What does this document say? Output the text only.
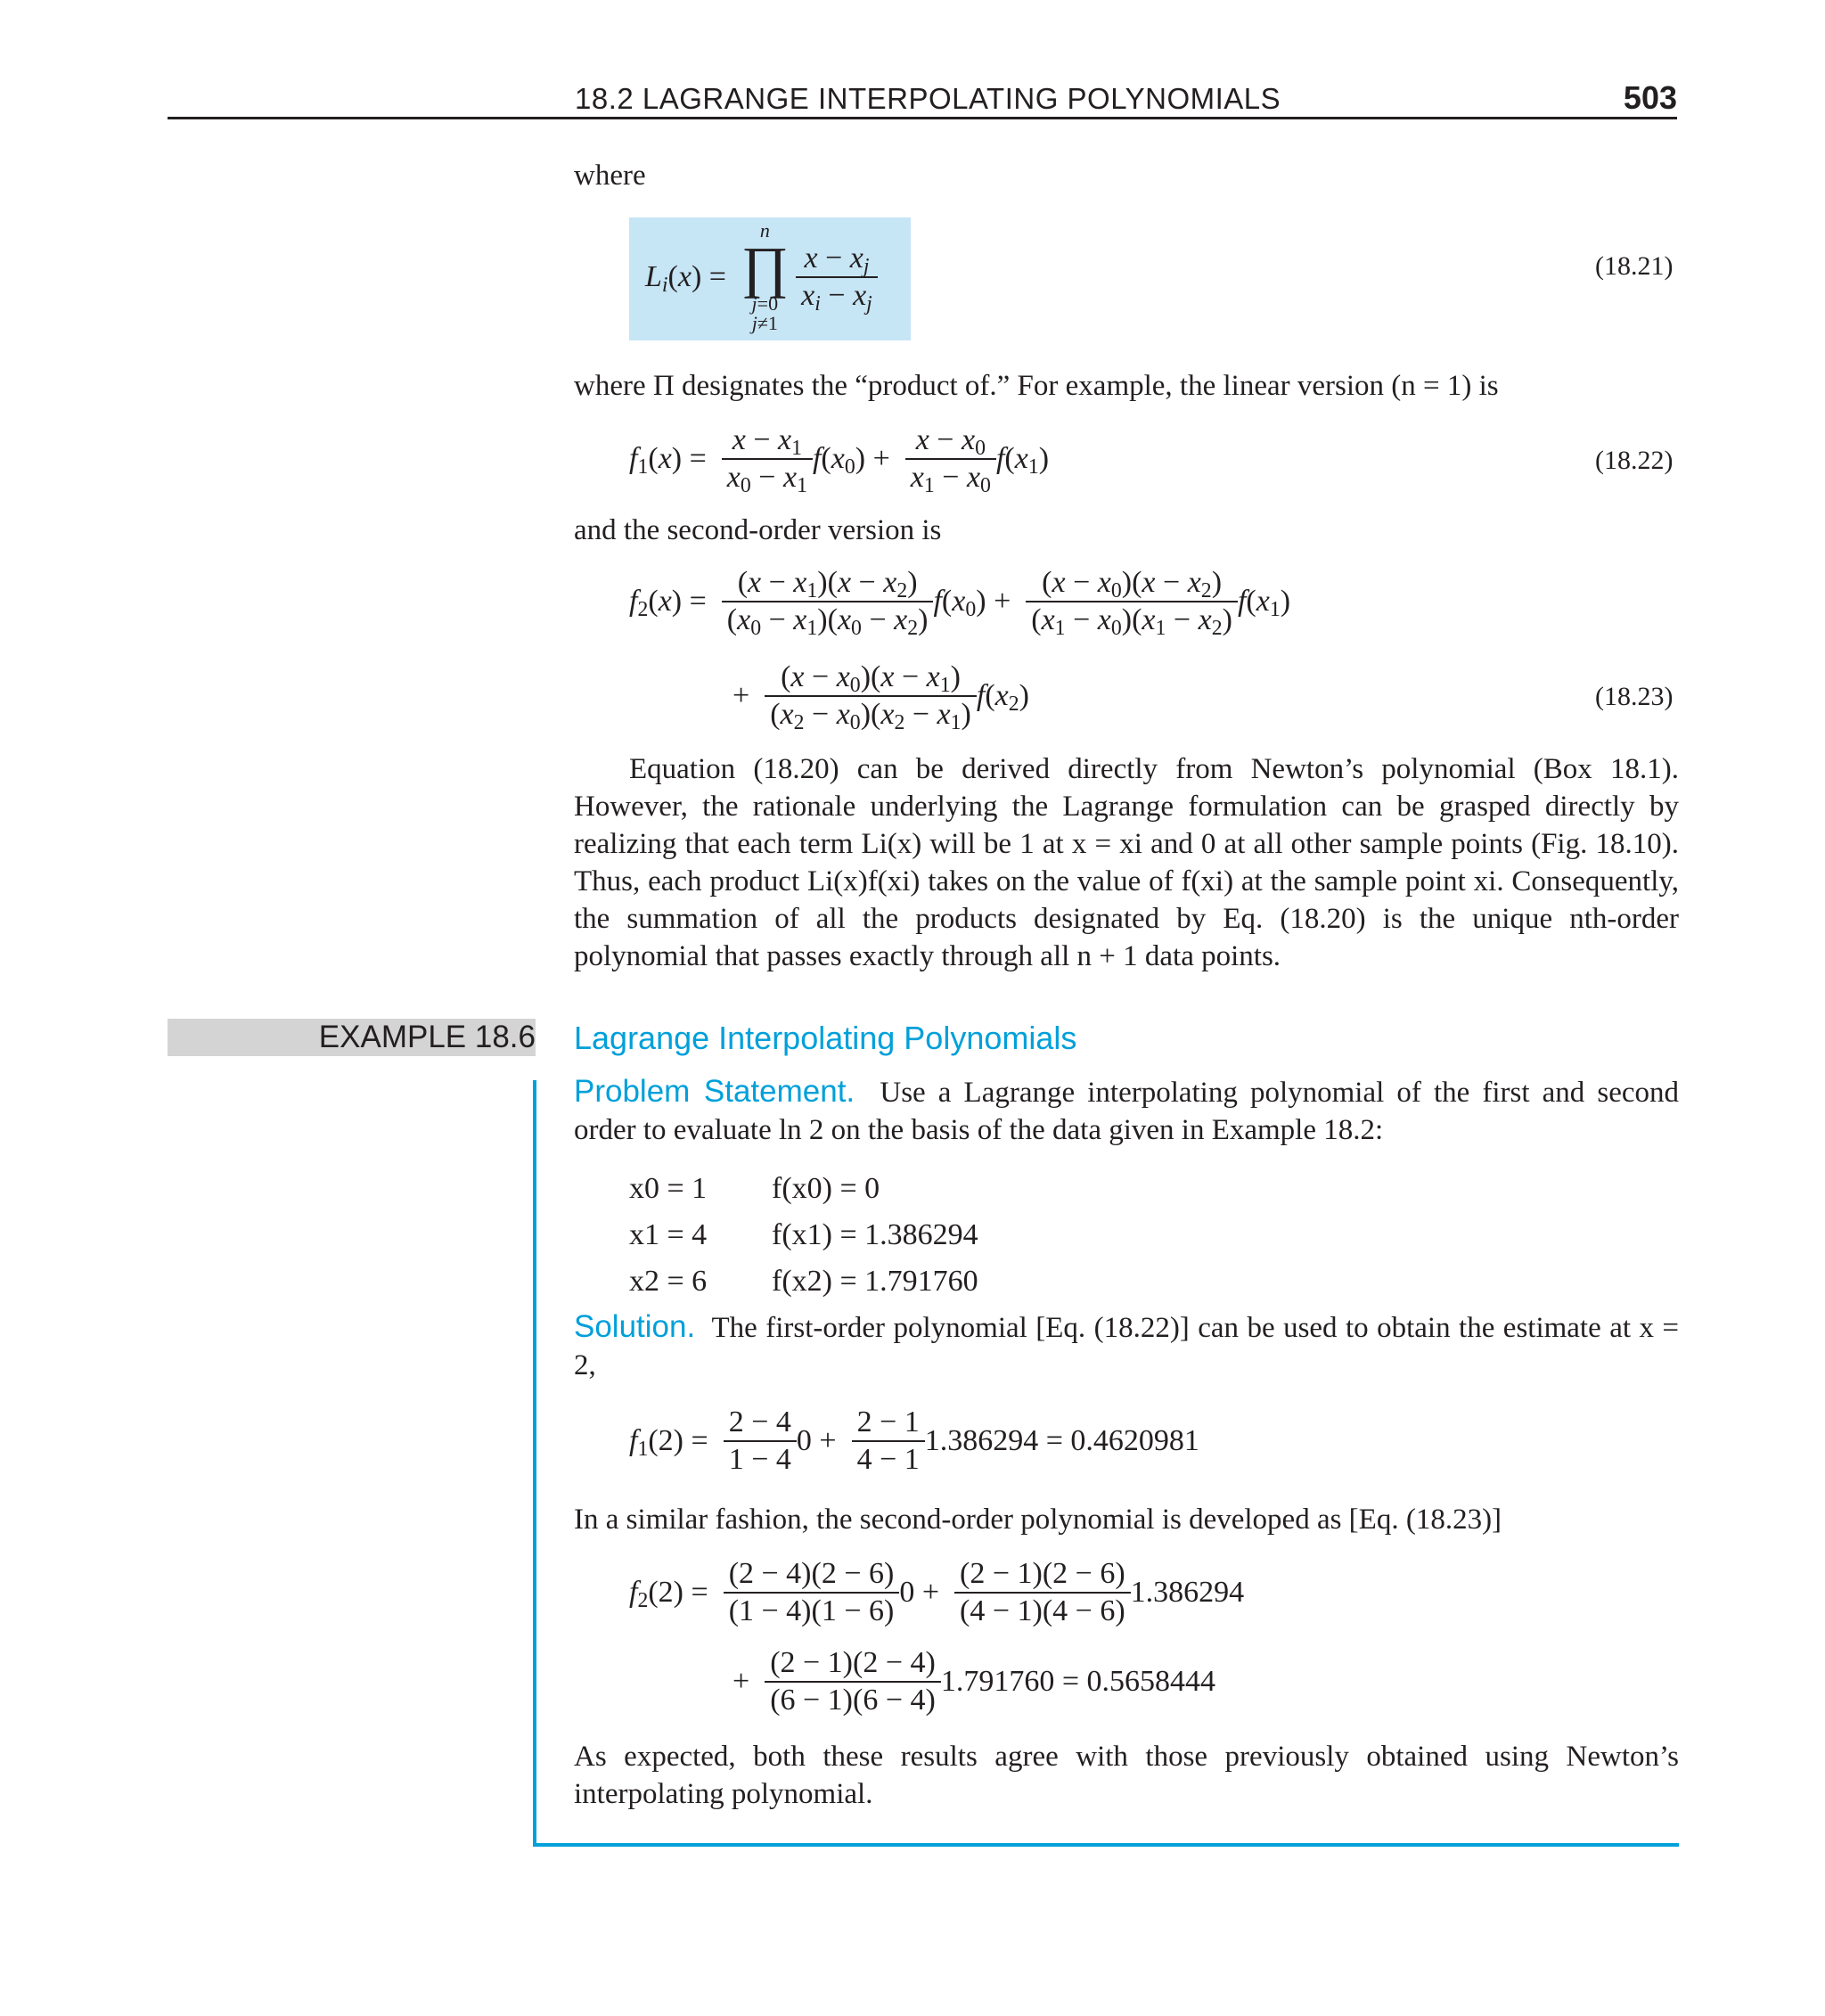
18.2 LAGRANGE INTERPOLATING POLYNOMIALS	503
where
$L_i(x) = n$
∏
j=0
j≠1
$\frac{x - x_j}{x_i - x_j}$	(18.21)
where Π designates the “product of.” For example, the linear version (n = 1) is
$f_1(x) = \frac{x - x_1}{x_0 - x_1} f(x_0) + \frac{x - x_0}{x_1 - x_0} f(x_1)$	(18.22)
and the second-order version is
$f_2(x) = \frac{(x - x_1)(x - x_2)}{(x_0 - x_1)(x_0 - x_2)} f(x_0) + \frac{(x - x_0)(x - x_2)}{(x_1 - x_0)(x_1 - x_2)} f(x_1)$
+ $\frac{(x - x_0)(x - x_1)}{(x_2 - x_0)(x_2 - x_1)} f(x_2)$	(18.23)
Equation (18.20) can be derived directly from Newton’s polynomial (Box 18.1). However, the rationale underlying the Lagrange formulation can be grasped directly by realizing that each term Li(x) will be 1 at x = xi and 0 at all other sample points (Fig. 18.10). Thus, each product Li(x)f(xi) takes on the value of f(xi) at the sample point xi. Consequently, the summation of all the products designated by Eq. (18.20) is the unique nth-order polynomial that passes exactly through all n + 1 data points.
EXAMPLE 18.6 Lagrange Interpolating Polynomials
Problem Statement. Use a Lagrange interpolating polynomial of the first and second order to evaluate ln 2 on the basis of the data given in Example 18.2:
x0 = 1 f(x0) = 0
x1 = 4 f(x1) = 1.386294
x2 = 6 f(x2) = 1.791760
Solution. The first-order polynomial [Eq. (18.22)] can be used to obtain the estimate at x = 2,
$f_1(2) = \frac{2 - 4}{1 - 4} 0 + \frac{2 - 1}{4 - 1} 1.386294 = 0.4620981$
In a similar fashion, the second-order polynomial is developed as [Eq. (18.23)]
$f_2(2) = \frac{(2 - 4)(2 - 6)}{(1 - 4)(1 - 6)} 0 + \frac{(2 - 1)(2 - 6)}{(4 - 1)(4 - 6)} 1.386294$
+ $\frac{(2 - 1)(2 - 4)}{(6 - 1)(6 - 4)} 1.791760 = 0.5658444$
As expected, both these results agree with those previously obtained using Newton’s interpolating polynomial.
